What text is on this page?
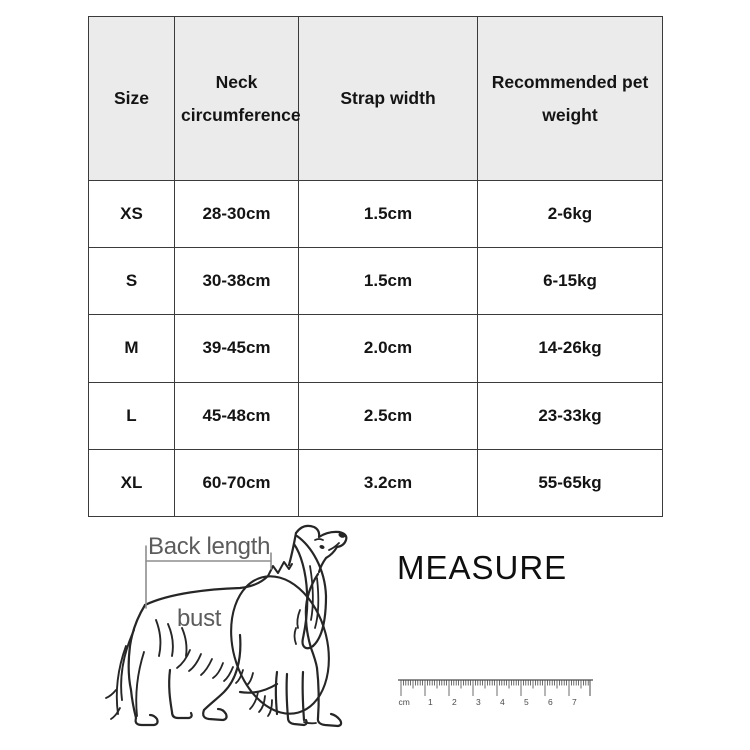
Size	Neck circumference	Strap width	Recommended pet weight
XS	28-30cm	1.5cm	2-6kg
S	30-38cm	1.5cm	6-15kg
M	39-45cm	2.0cm	14-26kg
L	45-48cm	2.5cm	23-33kg
XL	60-70cm	3.2cm	55-65kg
Back length
bust
MEASURE
cm 1 2 3 4 5 6 7
